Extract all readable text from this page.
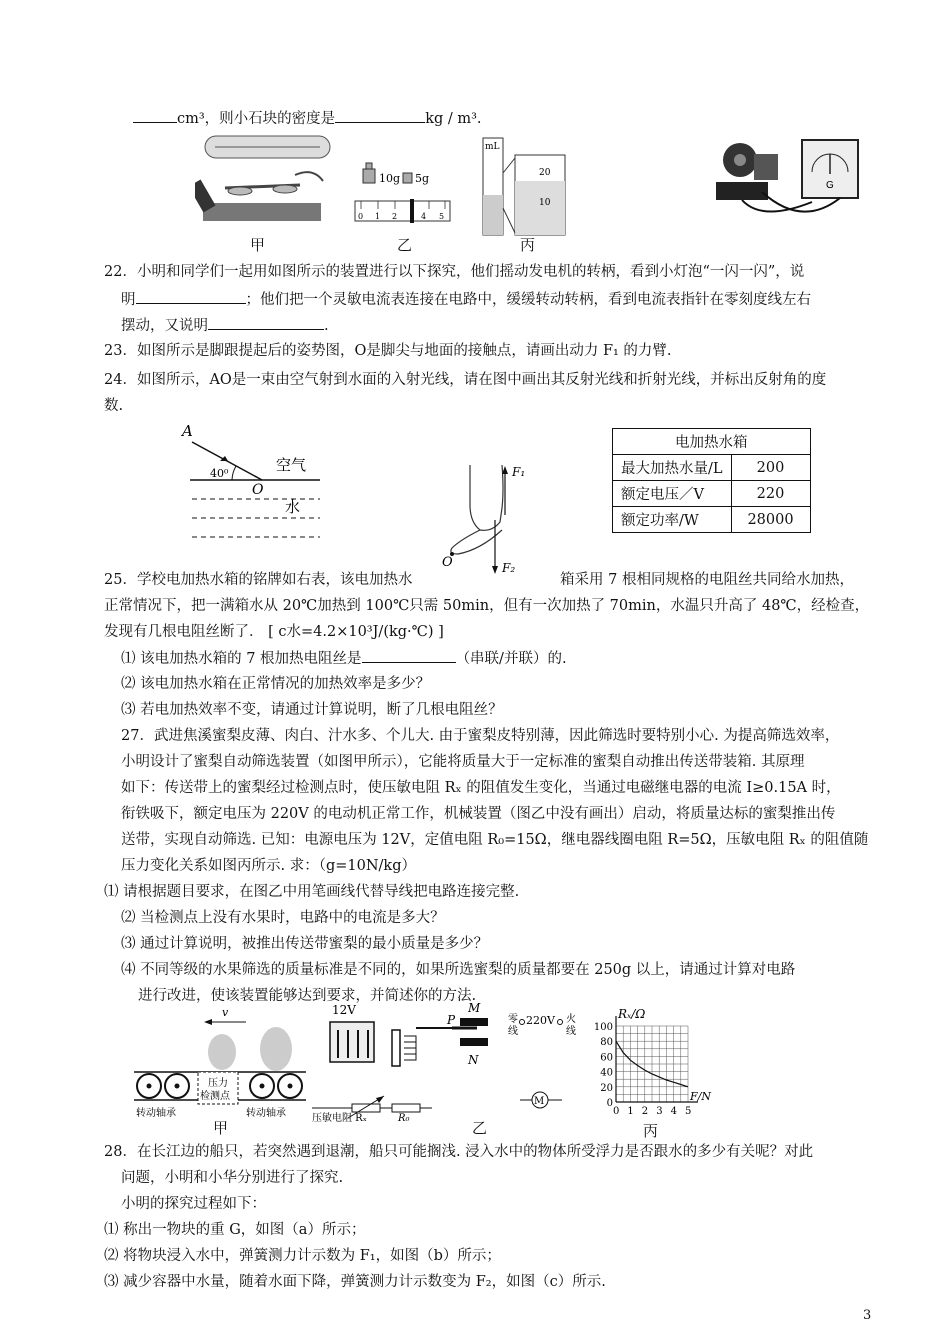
cm³，则小石块的密度是	kg / m³.
10g 5g
0 1 2	4 5
mL
20
10
甲	乙	丙
G
22．小明和同学们一起用如图所示的装置进行以下探究，他们摇动发电机的转柄，看到小灯泡“一闪一闪”，说
明	；他们把一个灵敏电流表连接在电路中，缓缓转动转柄，看到电流表指针在零刻度线左右
摆动，又说明	.
23．如图所示是脚跟提起后的姿势图，O是脚尖与地面的接触点，请画出动力 F₁ 的力臂.
24．如图所示，AO是一束由空气射到水面的入射光线，请在图中画出其反射光线和折射光线，并标出反射角的度
数.
A
40⁰
O
空气
水
F₁
F₂
O
电加热水箱	
最大加热水量/L	200
额定电压／V	220
额定功率/W	28000
25．学校电加热水箱的铭牌如右表，该电加热水	箱采用 7 根相同规格的电阻丝共同给水加热，
正常情况下，把一满箱水从 20℃加热到 100℃只需 50min，但有一次加热了 70min，水温只升高了 48℃，经检查，
发现有几根电阻丝断了． [ c水=4.2×10³J/(kg·℃) ]
⑴ 该电加热水箱的 7 根加热电阻丝是	（串联/并联）的.
⑵ 该电加热水箱在正常情况的加热效率是多少？
⑶ 若电加热效率不变，请通过计算说明，断了几根电阻丝？
27．武进焦溪蜜梨皮薄、肉白、汁水多、个儿大. 由于蜜梨皮特别薄，因此筛选时要特别小心. 为提高筛选效率，
小明设计了蜜梨自动筛选装置（如图甲所示），它能将质量大于一定标准的蜜梨自动推出传送带装箱. 其原理
如下：传送带上的蜜梨经过检测点时，使压敏电阻 Rₓ 的阻值发生变化，当通过电磁继电器的电流 I≥0.15A 时，
衔铁吸下，额定电压为 220V 的电动机正常工作，机械装置（图乙中没有画出）启动，将质量达标的蜜梨推出传
送带，实现自动筛选. 已知：电源电压为 12V，定值电阻 R₀=15Ω，继电器线圈电阻 R=5Ω，压敏电阻 Rₓ 的阻值随
压力变化关系如图丙所示. 求：（g=10N/kg）
⑴ 请根据题目要求，在图乙中用笔画线代替导线把电路连接完整.
⑵ 当检测点上没有水果时，电路中的电流是多大？
⑶ 通过计算说明，被推出传送带蜜梨的最小质量是多少？
⑷ 不同等级的水果筛选的质量标准是不同的，如果所选蜜梨的质量都要在 250g 以上，请通过计算对电路
进行改进，使该装置能够达到要求，并简述你的方法.
v
压力
检测点
转动轴承	转动轴承
12V
P
M
N
零
线
220V 火
线
M
压敏电阻 Rₓ	R₀
0 1 2 3 4 5
0
20
40
60
80
100
Rₓ/Ω
F/N
甲	乙	丙
28．在长江边的船只，若突然遇到退潮，船只可能搁浅. 浸入水中的物体所受浮力是否跟水的多少有关呢？对此
问题，小明和小华分别进行了探究.
小明的探究过程如下：
⑴ 称出一物块的重 G，如图（a）所示；
⑵ 将物块浸入水中，弹簧测力计示数为 F₁，如图（b）所示；
⑶ 减少容器中水量，随着水面下降，弹簧测力计示数变为 F₂，如图（c）所示.
3
